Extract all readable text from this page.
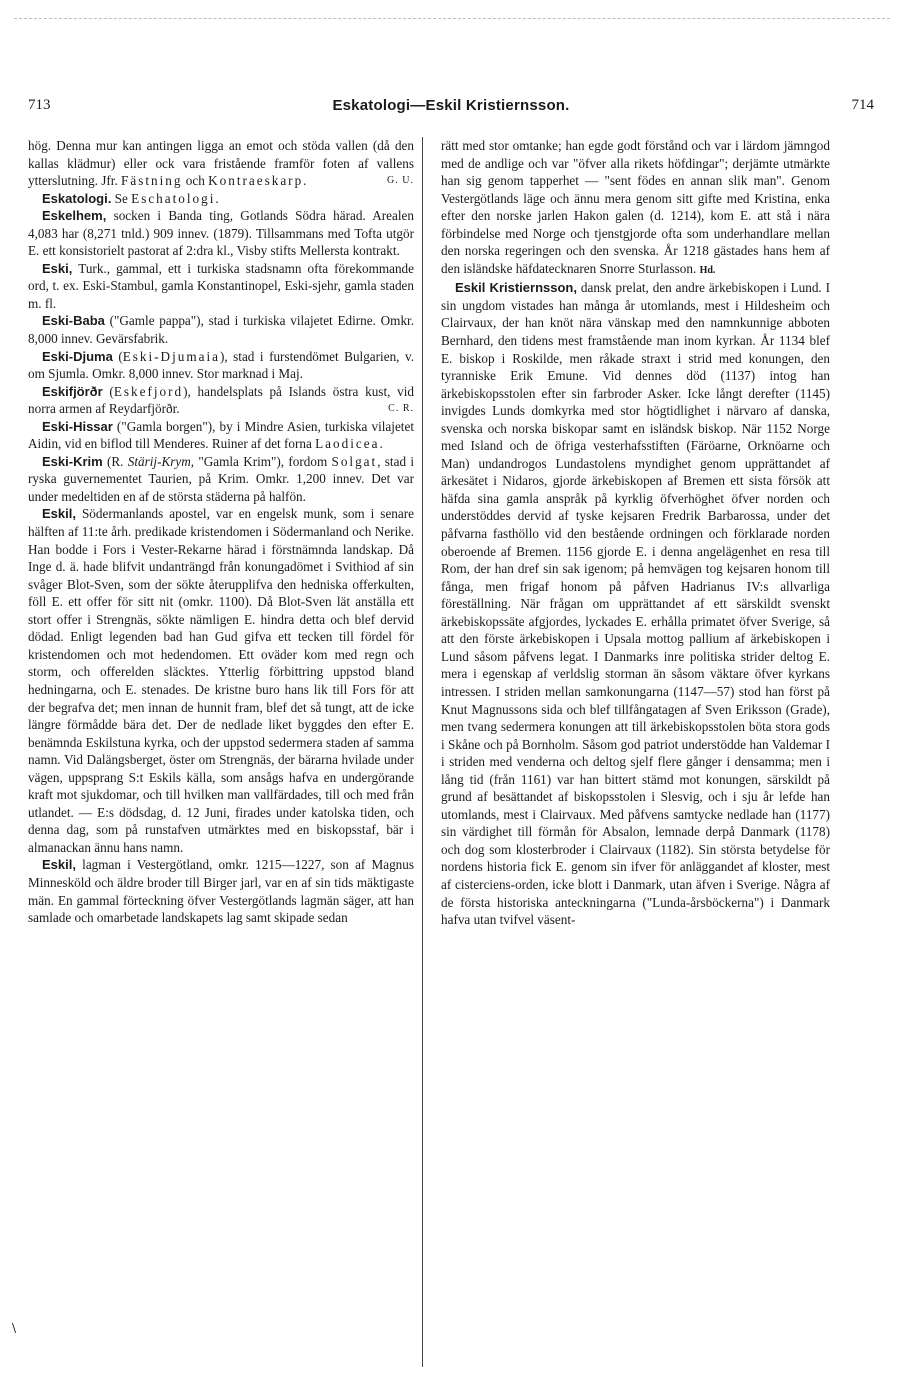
713	Eskatologi—Eskil Kristiernsson.	714

hög. Denna mur kan antingen ligga an emot och stöda vallen (då den kallas klädmur) eller ock vara fristående framför foten af vallens ytterslutning. Jfr. Fästning och Kontraeskarp.	G. U.

Eskatologi. Se Eschatologi.

Eskelhem, socken i Banda ting, Gotlands Södra härad. Arealen 4,083 har (8,271 tnld.) 909 innev. (1879). Tillsammans med Tofta utgör E. ett konsistorielt pastorat af 2:dra kl., Visby stifts Mellersta kontrakt.

Eski, Turk., gammal, ett i turkiska stadsnamn ofta förekommande ord, t. ex. Eski-Stambul, gamla Konstantinopel, Eski-sjehr, gamla staden m. fl.

Eski-Baba ("Gamle pappa"), stad i turkiska vilajetet Edirne. Omkr. 8,000 innev. Gevärsfabrik.

Eski-Djuma (Eski-Djumaia), stad i furstendömet Bulgarien, v. om Sjumla. Omkr. 8,000 innev. Stor marknad i Maj.

Eskifjörðr (Eskefjord), handelsplats på Islands östra kust, vid norra armen af Reydarfjörðr.	C. R.

Eski-Hissar ("Gamla borgen"), by i Mindre Asien, turkiska vilajetet Aidin, vid en biflod till Menderes. Ruiner af det forna Laodicea.

Eski-Krim (R. Stärij-Krym, "Gamla Krim"), fordom Solgat, stad i ryska guvernementet Taurien, på Krim. Omkr. 1,200 innev. Det var under medeltiden en af de största städerna på halfön.

Eskil, Södermanlands apostel, var en engelsk munk, som i senare hälften af 11:te årh. predikade kristendomen i Södermanland och Nerike. Han bodde i Fors i Vester-Rekarne härad i förstnämnda landskap. Då Inge d. ä. hade blifvit undanträngd från konungadömet i Svithiod af sin svåger Blot-Sven, som der sökte återupplifva den hedniska offerkulten, föll E. ett offer för sitt nit (omkr. 1100). Då Blot-Sven lät anställa ett stort offer i Strengnäs, sökte nämligen E. hindra detta och blef dervid dödad. Enligt legenden bad han Gud gifva ett tecken till fördel för kristendomen och mot hedendomen. Ett oväder kom med regn och storm, och offerelden släcktes. Ytterlig förbittring uppstod bland hedningarna, och E. stenades. De kristne buro hans lik till Fors för att der begrafva det; men innan de hunnit fram, blef det så tungt, att de icke längre förmådde bära det. Der de nedlade liket byggdes den efter E. benämnda Eskilstuna kyrka, och der uppstod sedermera staden af samma namn. Vid Dalängsberget, öster om Strengnäs, der bärarna hvilade under vägen, uppsprang S:t Eskils källa, som ansågs hafva en undergörande kraft mot sjukdomar, och till hvilken man vallfärdades, till och med från utlandet. — E:s dödsdag, d. 12 Juni, firades under katolska tiden, och denna dag, som på runstafven utmärktes med en biskopsstaf, bär i almanackan ännu hans namn.

Eskil, lagman i Vestergötland, omkr. 1215—1227, son af Magnus Minnesköld och äldre broder till Birger jarl, var en af sin tids mäktigaste män. En gammal förteckning öfver Vestergötlands lagmän säger, att han samlade och omarbetade landskapets lag samt skipade sedan

rätt med stor omtanke; han egde godt förstånd och var i lärdom jämngod med de andlige och var "öfver alla rikets höfdingar"; derjämte utmärkte han sig genom tapperhet — "sent födes en annan slik man". Genom Vestergötlands läge och ännu mera genom sitt gifte med Kristina, enka efter den norske jarlen Hakon galen (d. 1214), kom E. att stå i nära förbindelse med Norge och tjenstgjorde ofta som underhandlare mellan den norska regeringen och den svenska. År 1218 gästades hans hem af den isländske häfdatecknaren Snorre Sturlasson. Hd.

Eskil Kristiernsson, dansk prelat, den andre ärkebiskopen i Lund. I sin ungdom vistades han många år utomlands, mest i Hildesheim och Clairvaux, der han knöt nära vänskap med den namnkunnige abboten Bernhard, den tidens mest framstående man inom kyrkan. År 1134 blef E. biskop i Roskilde, men råkade straxt i strid med konungen, den tyranniske Erik Emune. Vid dennes död (1137) intog han ärkebiskopsstolen efter sin farbroder Asker. Icke långt derefter (1145) invigdes Lunds domkyrka med stor högtidlighet i närvaro af danska, svenska och norska biskopar samt en isländsk biskop. När 1152 Norge med Island och de öfriga vesterhafsstiften (Färöarne, Orknöarne och Man) undandrogos Lundastolens myndighet genom upprättandet af ärkesätet i Nidaros, gjorde ärkebiskopen af Bremen ett sista försök att häfda sina gamla anspråk på kyrklig öfverhöghet öfver norden och understöddes dervid af tyske kejsaren Fredrik Barbarossa, under det påfvarna fasthöllo vid den bestående ordningen och förklarade norden oberoende af Bremen. 1156 gjorde E. i denna angelägenhet en resa till Rom, der han dref sin sak igenom; på hemvägen tog kejsaren honom till fånga, men frigaf honom på påfven Hadrianus IV:s allvarliga föreställning. När frågan om upprättandet af ett särskildt svenskt ärkebiskopssäte afgjordes, lyckades E. erhålla primatet öfver Sverige, så att den förste ärkebiskopen i Upsala mottog pallium af ärkebiskopen i Lund såsom påfvens legat. I Danmarks inre politiska strider deltog E. mera i egenskap af verldslig storman än såsom väktare öfver kyrkans intressen. I striden mellan samkonungarna (1147—57) stod han först på Knut Magnussons sida och blef tillfångatagen af Sven Eriksson (Grade), men tvang sedermera konungen att till ärkebiskopsstolen böta stora gods i Skåne och på Bornholm. Såsom god patriot understödde han Valdemar I i striden med venderna och deltog sjelf flere gånger i densamma; men i lång tid (från 1161) var han bittert stämd mot konungen, särskildt på grund af besättandet af biskopsstolen i Slesvig, och i sju år lefde han utomlands, mest i Clairvaux. Med påfvens samtycke nedlade han (1177) sin värdighet till förmån för Absalon, lemnade derpå Danmark (1178) och dog som klosterbroder i Clairvaux (1182). Sin största betydelse för nordens historia fick E. genom sin ifver för anläggandet af kloster, mest af cisterciens-orden, icke blott i Danmark, utan äfven i Sverige. Några af de första historiska anteckningarna ("Lunda-årsböckerna") i Danmark hafva utan tvifvel väsent-

\
